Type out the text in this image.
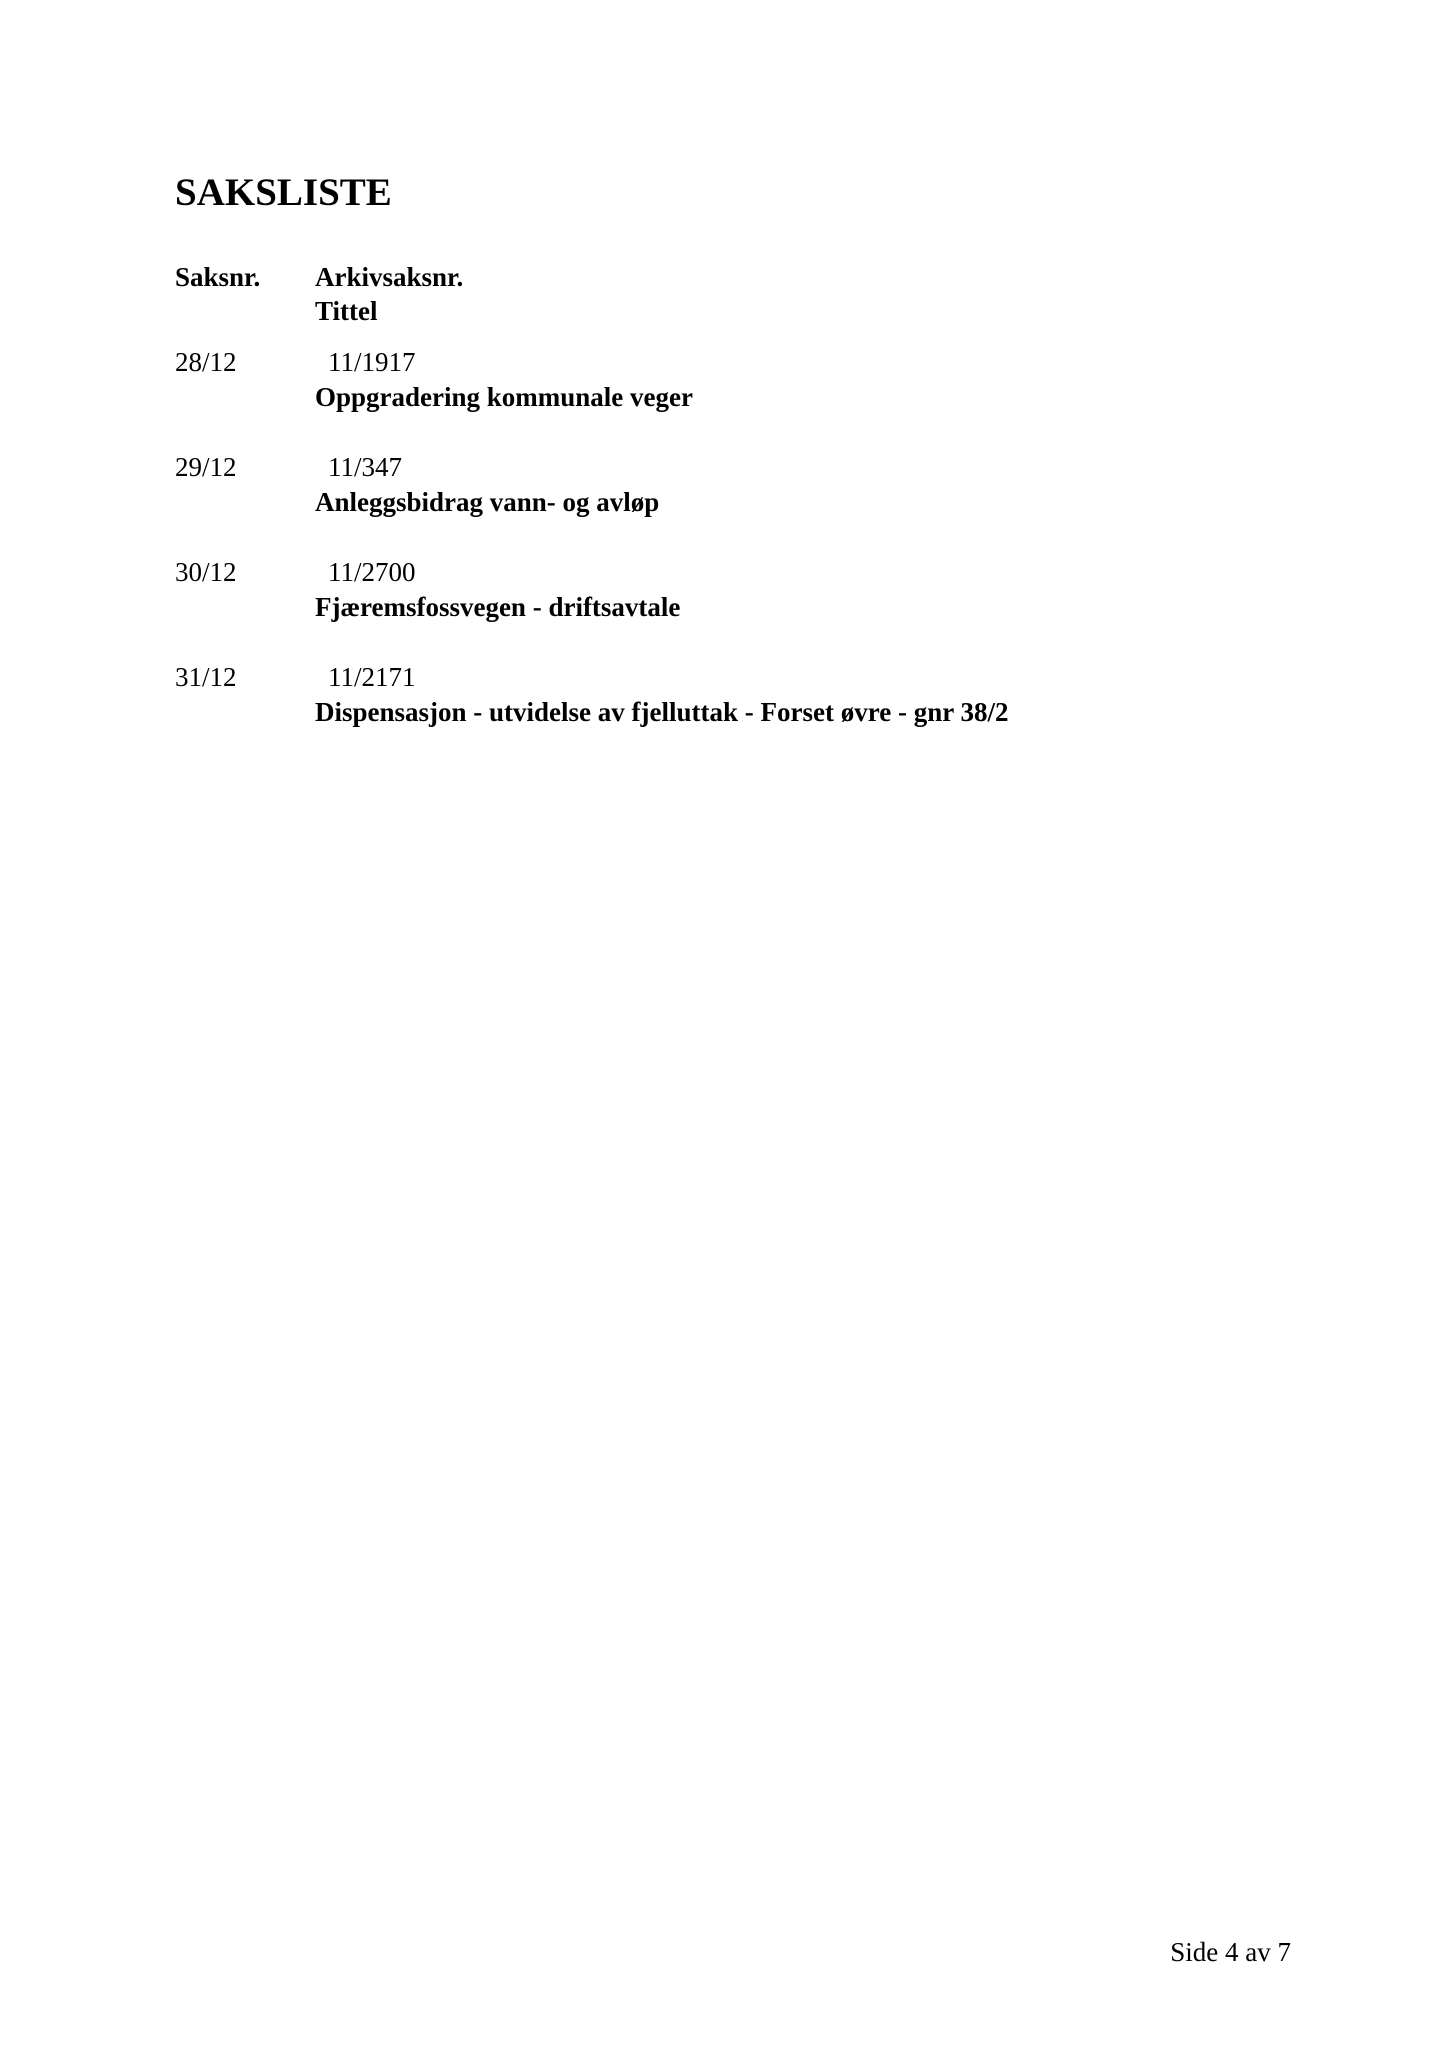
SAKSLISTE
Saksnr. Arkivsaksnr.
Tittel
28/12	11/1917
Oppgradering kommunale veger
29/12	11/347
Anleggsbidrag vann- og avløp
30/12	11/2700
Fjæremsfossvegen - driftsavtale
31/12	11/2171
Dispensasjon - utvidelse av fjelluttak - Forset øvre - gnr 38/2
Side 4 av 7
